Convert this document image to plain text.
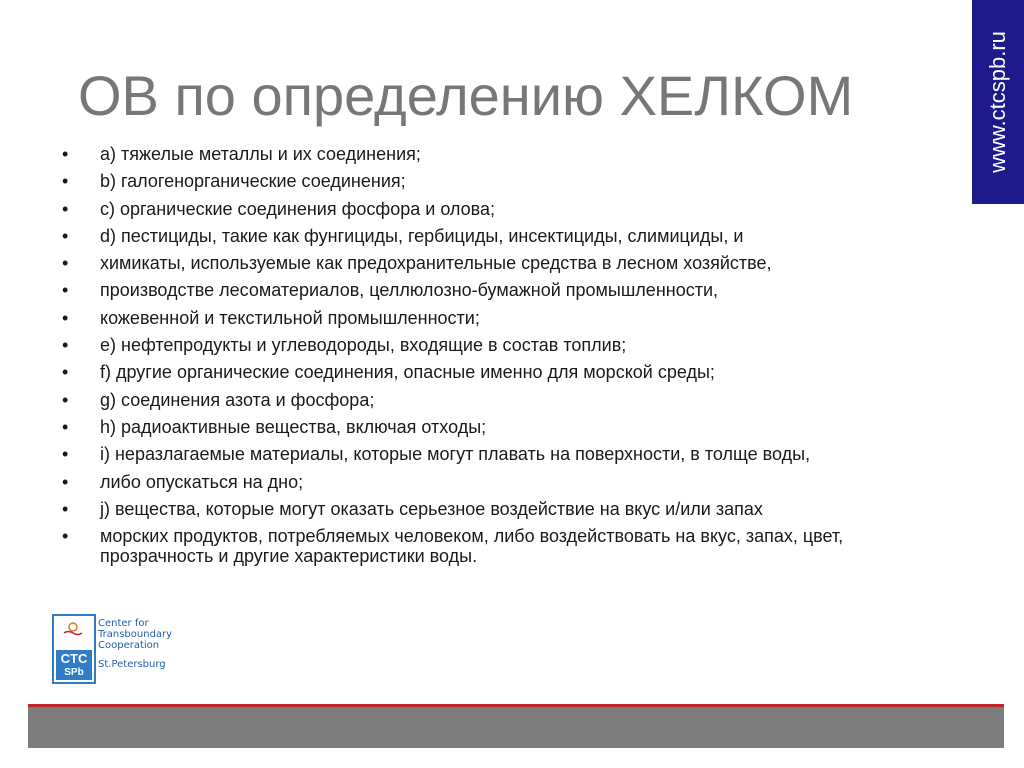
www.ctcspb.ru
ОВ по определению ХЕЛКОМ
• a) тяжелые металлы и их соединения;
• b) галогенорганические соединения;
• c) органические соединения фосфора и олова;
• d) пестициды, такие как фунгициды, гербициды, инсектициды, слимициды, и
• химикаты, используемые как предохранительные средства в лесном хозяйстве,
• производстве лесоматериалов, целлюлозно-бумажной промышленности,
• кожевенной и текстильной промышленности;
• e) нефтепродукты и углеводороды, входящие в состав топлив;
• f) другие органические соединения, опасные именно для морской среды;
• g) соединения азота и фосфора;
• h) радиоактивные вещества, включая отходы;
• i) неразлагаемые материалы, которые могут плавать на поверхности, в толще воды,
• либо опускаться на дно;
• j) вещества, которые могут оказать серьезное воздействие на вкус и/или запах
• морских продуктов, потребляемых человеком, либо воздействовать на вкус, запах, цвет, прозрачность и другие характеристики воды.
CTC
SPb
Center for
Transboundary
Cooperation
St.Petersburg
